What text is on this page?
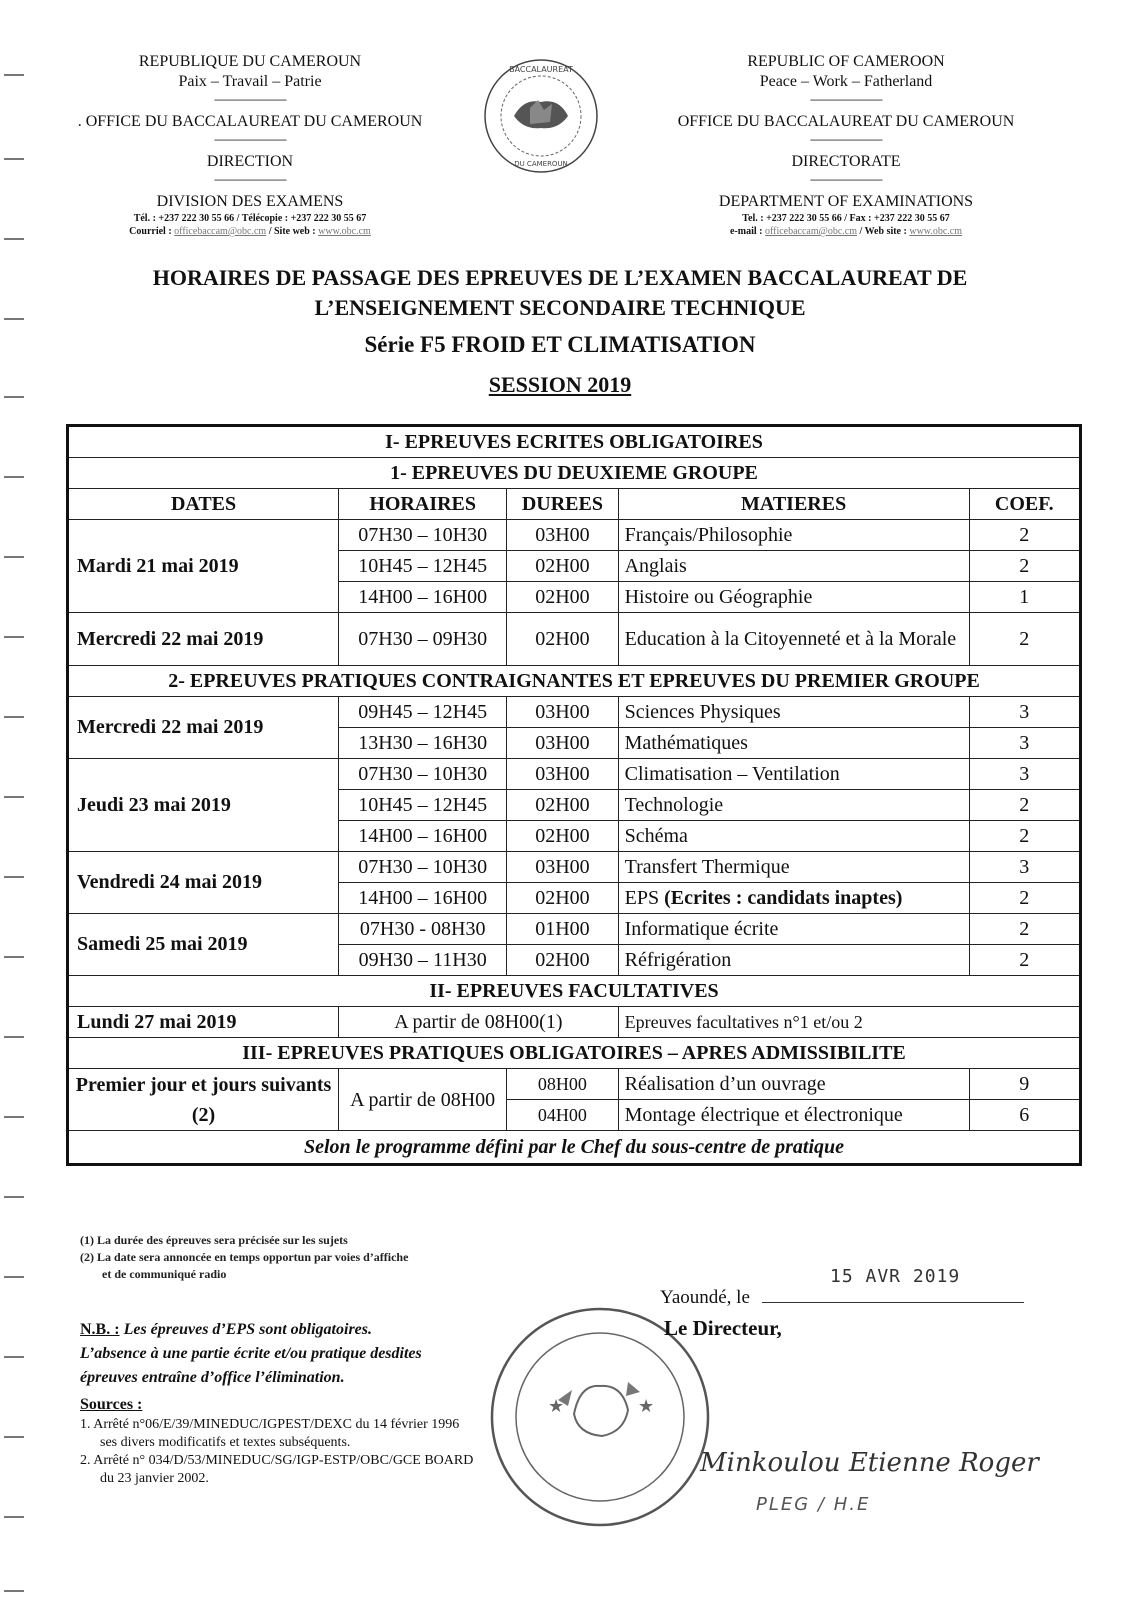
REPUBLIQUE DU CAMEROUN
Paix – Travail – Patrie
------------------------
. OFFICE DU BACCALAUREAT DU CAMEROUN
------------------------
DIRECTION
------------------------
DIVISION DES EXAMENS
Tél. : +237 222 30 55 66 / Télécopie : +237 222 30 55 67
Courriel : officebaccam@obc.cm / Site web : www.obc.cm
BACCALAUREAT
DU CAMEROUN
REPUBLIC OF CAMEROON
Peace – Work – Fatherland
------------------------
OFFICE DU BACCALAUREAT DU CAMEROUN
------------------------
DIRECTORATE
------------------------
DEPARTMENT OF EXAMINATIONS
Tel. : +237 222 30 55 66 / Fax : +237 222 30 55 67
e-mail : officebaccam@obc.cm / Web site : www.obc.cm
HORAIRES DE PASSAGE DES EPREUVES DE L’EXAMEN BACCALAUREAT DE
L’ENSEIGNEMENT SECONDAIRE TECHNIQUE
Série F5 FROID ET CLIMATISATION
SESSION 2019
I- EPREUVES ECRITES OBLIGATOIRES				
1- EPREUVES DU DEUXIEME GROUPE				
DATES	HORAIRES	DUREES	MATIERES	COEF.
Mardi 21 mai 2019	07H30 – 10H30	03H00	Français/Philosophie	2
	10H45 – 12H45	02H00	Anglais	2
	14H00 – 16H00	02H00	Histoire ou Géographie	1
Mercredi 22 mai 2019	07H30 – 09H30	02H00	Education à la Citoyenneté et à la Morale	2
2- EPREUVES PRATIQUES CONTRAIGNANTES ET EPREUVES DU PREMIER GROUPE				
Mercredi 22 mai 2019	09H45 – 12H45	03H00	Sciences Physiques	3
	13H30 – 16H30	03H00	Mathématiques	3
Jeudi 23 mai 2019	07H30 – 10H30	03H00	Climatisation – Ventilation	3
	10H45 – 12H45	02H00	Technologie	2
	14H00 – 16H00	02H00	Schéma	2
Vendredi 24 mai 2019	07H30 – 10H30	03H00	Transfert Thermique	3
	14H00 – 16H00	02H00	EPS (Ecrites : candidats inaptes)	2
Samedi 25 mai 2019	07H30 - 08H30	01H00	Informatique écrite	2
	09H30 – 11H30	02H00	Réfrigération	2
II- EPREUVES FACULTATIVES				
Lundi 27 mai 2019	A partir de 08H00(1)		Epreuves facultatives n°1 et/ou 2	
III- EPREUVES PRATIQUES OBLIGATOIRES – APRES ADMISSIBILITE				
Premier jour et jours suivants (2)	A partir de 08H00	08H00	Réalisation d’un ouvrage	9
		04H00	Montage électrique et électronique	6
Selon le programme défini par le Chef du sous-centre de pratique				
(1) La durée des épreuves sera précisée sur les sujets
(2) La date sera annoncée en temps opportun par voies d’affiche
et de communiqué radio
N.B. : Les épreuves d’EPS sont obligatoires.
L’absence à une partie écrite et/ou pratique desdites
épreuves entraîne d’office l’élimination.
Sources :
1. Arrêté n°06/E/39/MINEDUC/IGPEST/DEXC du 14 février 1996
ses divers modificatifs et textes subséquents.
2. Arrêté n° 034/D/53/MINEDUC/SG/IGP-ESTP/OBC/GCE BOARD
du 23 janvier 2002.
★	★
Yaoundé, le
15 AVR 2019
Le Directeur,
Minkoulou Etienne Roger
PLEG / H.E
